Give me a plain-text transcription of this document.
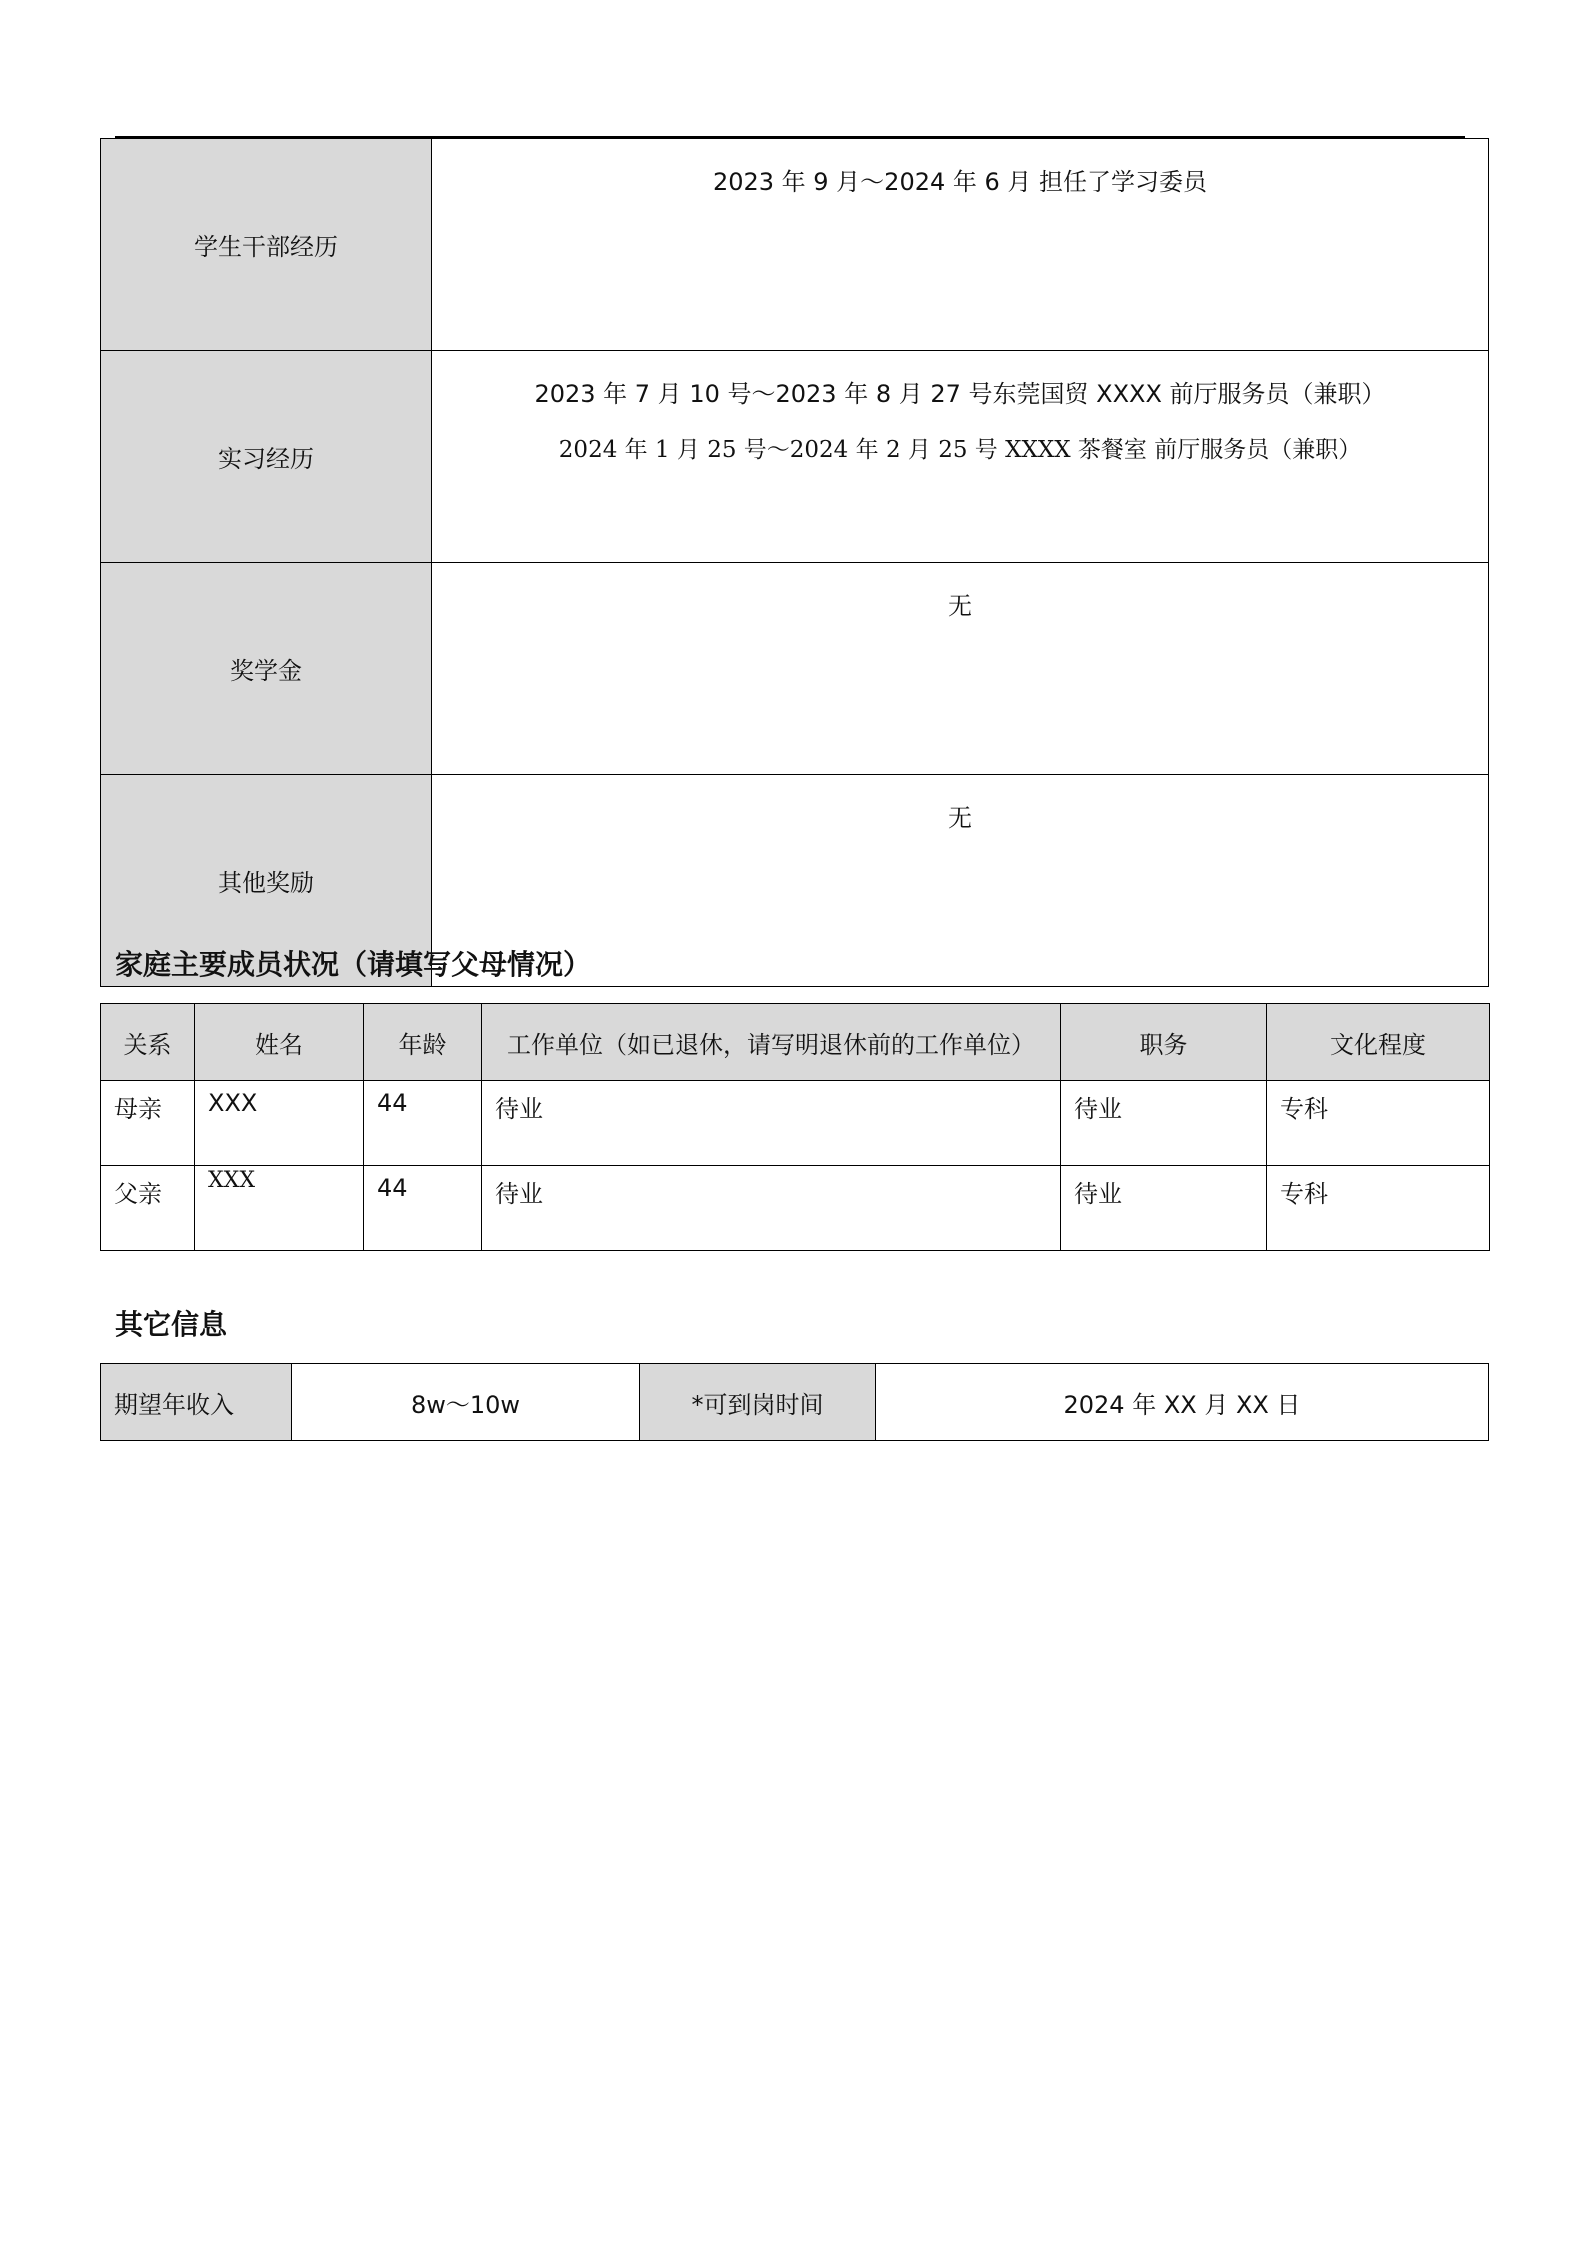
学生干部经历	2023 年 9 月～2024 年 6 月 担任了学习委员

实习经历	2023 年 7 月 10 号～2023 年 8 月 27 号东莞国贸 XXXX 前厅服务员（兼职）
2024 年 1 月 25 号～2024 年 2 月 25 号 XXXX 茶餐室 前厅服务员（兼职）

奖学金	无

其他奖励	无
家庭主要成员状况（请填写父母情况）
关系	姓名	年龄	工作单位（如已退休，请写明退休前的工作单位）	职务	文化程度
母亲	XXX	44	待业	待业	专科
父亲	XXX	44	待业	待业	专科
其它信息
期望年收入	8w～10w	*可到岗时间	2024 年 XX 月 XX 日
